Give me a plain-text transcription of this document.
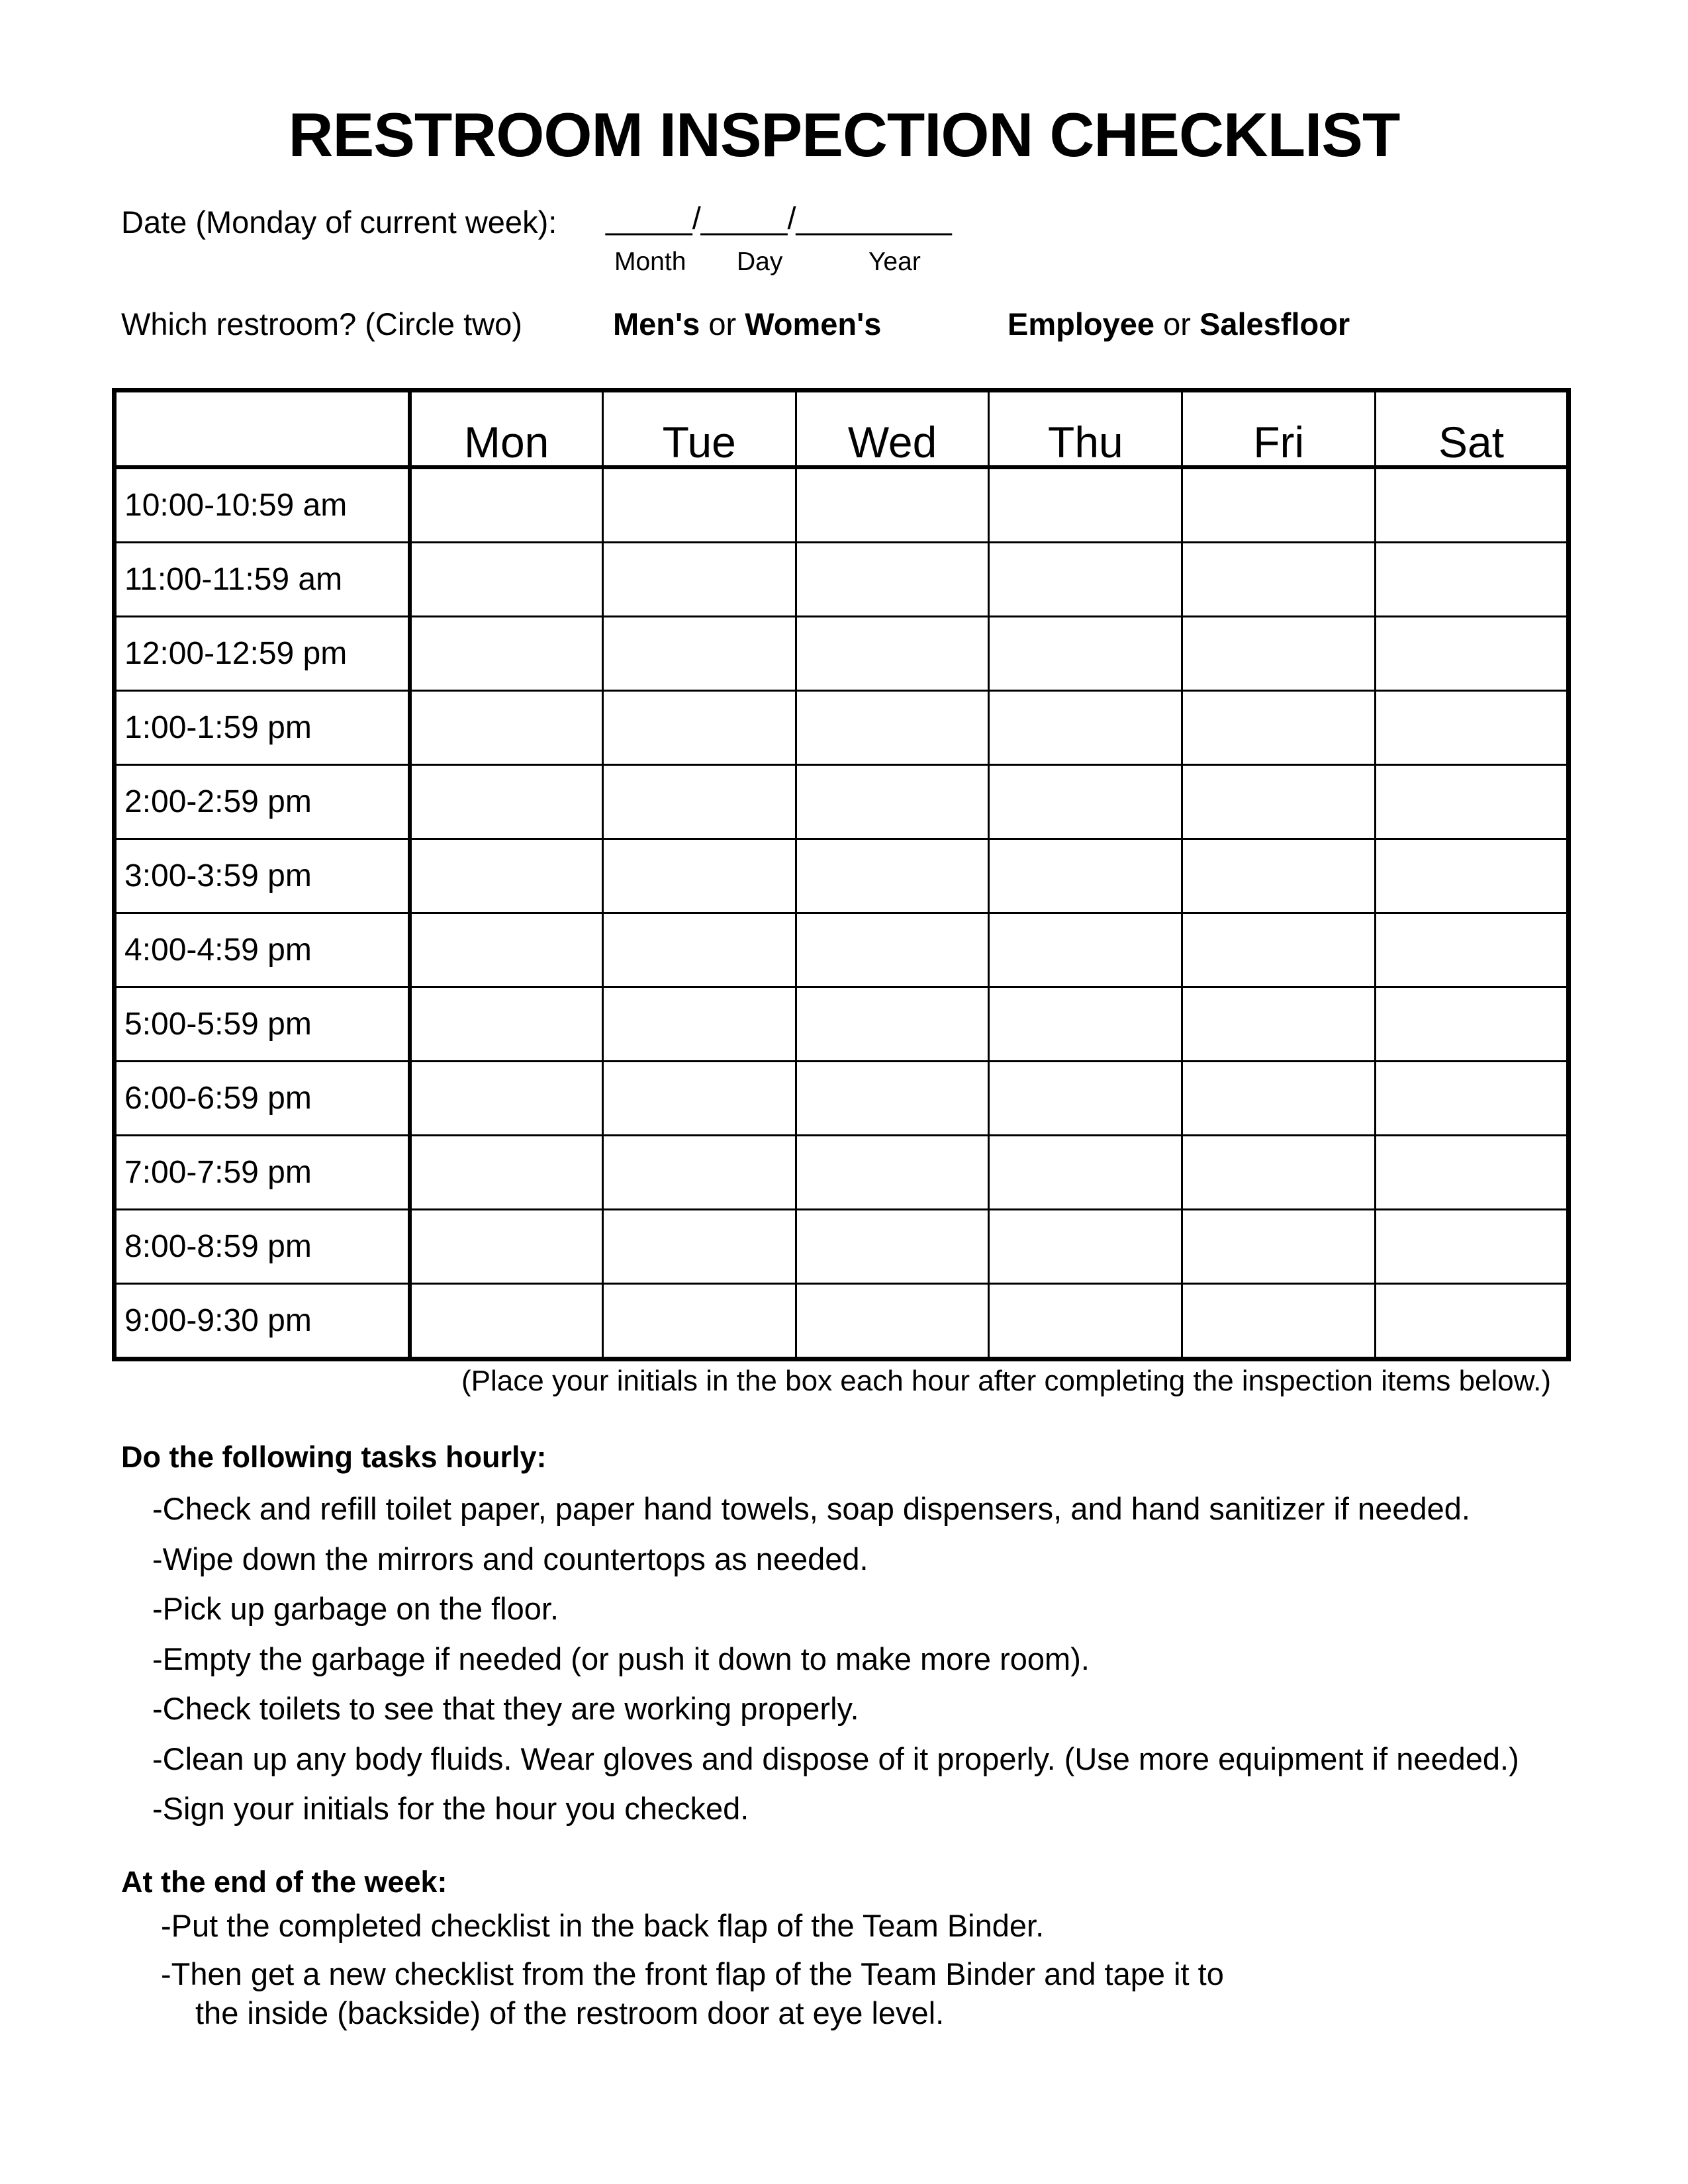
RESTROOM INSPECTION CHECKLIST
Date (Monday of current week): _____/_____/_________
Month Day	Year
Which restroom? (Circle two)	Men's or Women's	Employee or Salesfloor
	Mon	Tue	Wed	Thu	Fri	Sat
10:00-10:59 am						
11:00-11:59 am						
12:00-12:59 pm						
1:00-1:59 pm						
2:00-2:59 pm						
3:00-3:59 pm						
4:00-4:59 pm						
5:00-5:59 pm						
6:00-6:59 pm						
7:00-7:59 pm						
8:00-8:59 pm						
9:00-9:30 pm						
(Place your initials in the box each hour after completing the inspection items below.)
Do the following tasks hourly:
-Check and refill toilet paper, paper hand towels, soap dispensers, and hand sanitizer if needed.
-Wipe down the mirrors and countertops as needed.
-Pick up garbage on the floor.
-Empty the garbage if needed (or push it down to make more room).
-Check toilets to see that they are working properly.
-Clean up any body fluids. Wear gloves and dispose of it properly. (Use more equipment if needed.)
-Sign your initials for the hour you checked.
At the end of the week:
-Put the completed checklist in the back flap of the Team Binder.
-Then get a new checklist from the front flap of the Team Binder and tape it to
the inside (backside) of the restroom door at eye level.
